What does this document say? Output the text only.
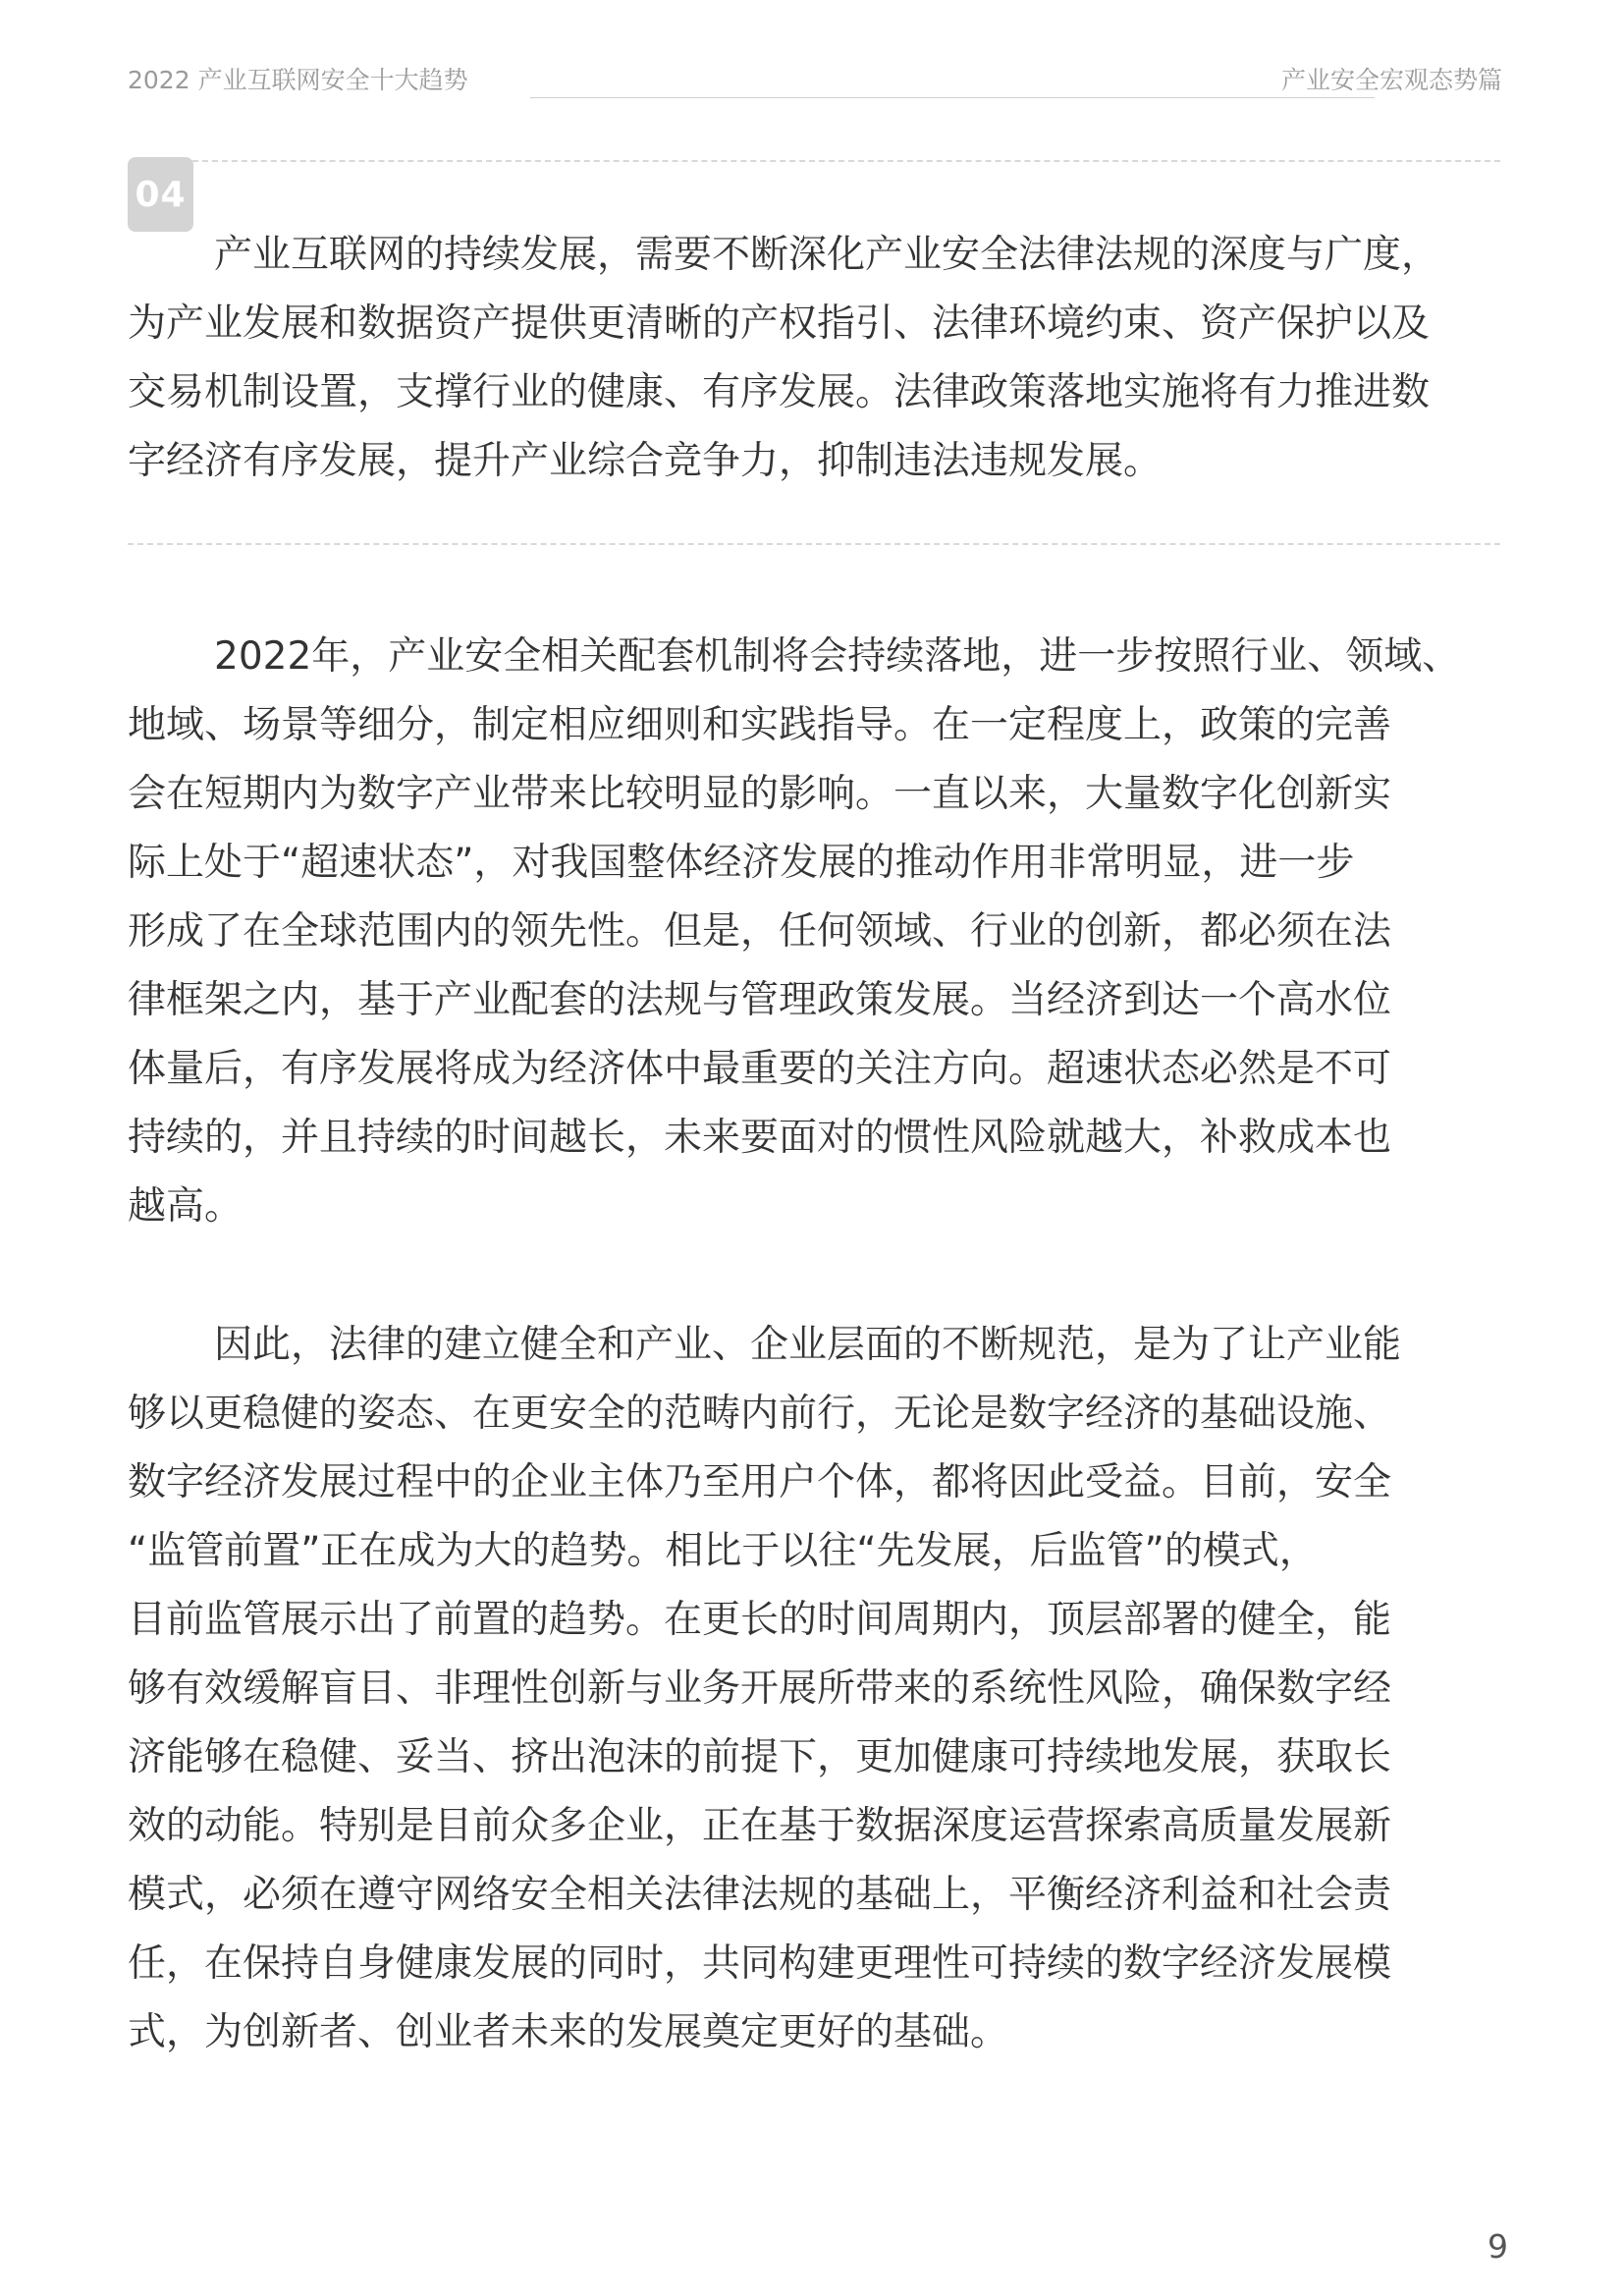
2022 产业互联网安全十大趋势	产业安全宏观态势篇
04
产业互联网的持续发展，需要不断深化产业安全法律法规的深度与广度，
为产业发展和数据资产提供更清晰的产权指引、法律环境约束、资产保护以及
交易机制设置，支撑行业的健康、有序发展。法律政策落地实施将有力推进数
字经济有序发展，提升产业综合竞争力，抑制违法违规发展。
2022年，产业安全相关配套机制将会持续落地，进一步按照行业、领域、
地域、场景等细分，制定相应细则和实践指导。在一定程度上，政策的完善
会在短期内为数字产业带来比较明显的影响。一直以来，大量数字化创新实
际上处于“超速状态”，对我国整体经济发展的推动作用非常明显，进一步
形成了在全球范围内的领先性。但是，任何领域、行业的创新，都必须在法
律框架之内，基于产业配套的法规与管理政策发展。当经济到达一个高水位
体量后，有序发展将成为经济体中最重要的关注方向。超速状态必然是不可
持续的，并且持续的时间越长，未来要面对的惯性风险就越大，补救成本也
越高。
因此，法律的建立健全和产业、企业层面的不断规范，是为了让产业能
够以更稳健的姿态、在更安全的范畴内前行，无论是数字经济的基础设施、
数字经济发展过程中的企业主体乃至用户个体，都将因此受益。目前，安全
“监管前置”正在成为大的趋势。相比于以往“先发展，后监管”的模式，
目前监管展示出了前置的趋势。在更长的时间周期内，顶层部署的健全，能
够有效缓解盲目、非理性创新与业务开展所带来的系统性风险，确保数字经
济能够在稳健、妥当、挤出泡沫的前提下，更加健康可持续地发展，获取长
效的动能。特别是目前众多企业，正在基于数据深度运营探索高质量发展新
模式，必须在遵守网络安全相关法律法规的基础上，平衡经济利益和社会责
任，在保持自身健康发展的同时，共同构建更理性可持续的数字经济发展模
式，为创新者、创业者未来的发展奠定更好的基础。
9
